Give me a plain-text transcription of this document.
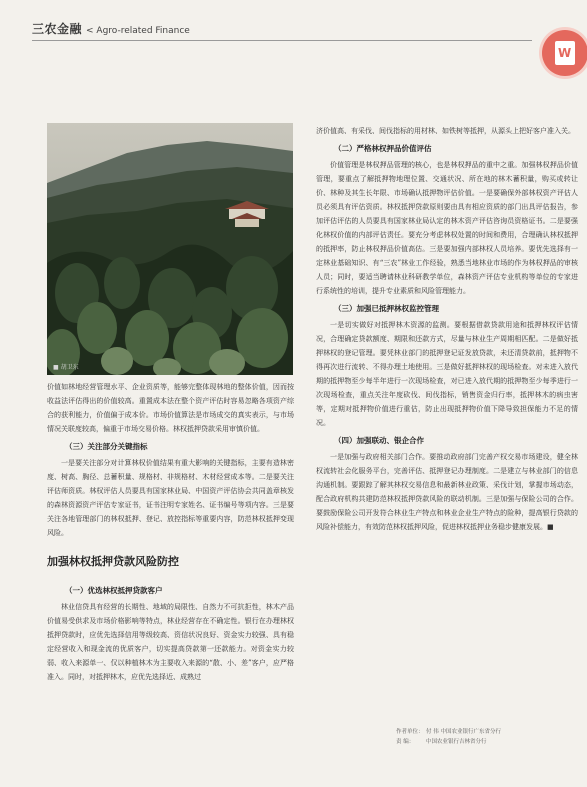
三农金融 < Agro-related Finance
W
■ 胡卫东

价值如林地经营管理水平、企业资质等，能够完整体现林地的整体价值，因而按收益法评估得出的价值较高。重置成本法在整个资产评估时容易忽略各项资产综合的获利能力，价值偏于成本价。市场价值算法是市场成交的真实表示，与市场情况关联度较高，偏重于市场交易价格。林权抵押贷款采用审慎价值。

（三）关注部分关键指标

一是要关注部分对计算林权价值结果有重大影响的关键指标，主要有造林密度、树高、胸径、总蓄积量、规格材、非规格材、木材经营成本等。二是要关注评估师资质。林权评估人员要具有国家林业局、中国资产评估协会共同盖章核发的森林资源资产评估专家证书，证书注明专家姓名、证书编号等项内容。三是要关注各地管理部门的林权抵押、登记、放控指标等重要内容，防范林权抵押变现风险。

加强林权抵押贷款风险防控
（一）优选林权抵押贷款客户

林业信贷具有经营的长期性、地域的局限性、自然力不可抗拒性，林木产品价值易受供求及市场价格影响等特点，林业经营存在不确定性。银行在办理林权抵押贷款时，应优先选择信用等级较高、资信状况良好、资金实力较强、具有稳定经营收入和现金流的优质客户，切实提高贷款第一还款能力。对资金实力较弱、收入来源单一、仅以种植林木为主要收入来源的“散、小、差”客户，应严格准入。同时，对抵押林木，应优先选择近、成熟过

济价值高、有采伐、间伐指标的用材林、如铁树等抵押，从源头上把好客户准入关。

（二）严格林权押品价值评估

价值管理是林权押品管理的核心，也是林权押品的重中之重。加强林权押品价值管理，要重点了解抵押物地理位置、交通状况、所在地的林木蓄积量，购买或转让价、林种及其生长年限、市场确认抵押物评估价值。一是要确保外部林权资产评估人员必须具有评估资质。林权抵押贷款原则要由具有相应资质的部门出具评估报告，参加评估评估的人员要具有国家林业局认定的林木资产评估咨询员资格证书。二是要强化林权价值的内部评估责任。要充分考虑林权处置的时间和费用，合理确认林权抵押的抵押率，防止林权押品价值高估。三是要加强内部林权人员培养。要优先选择有一定林业基础知识、有“三农”林业工作经验，熟悉当地林业市场的作为林权押品的审核人员；同时，要适当聘请林业科研教学单位，森林资产评估专业机构等单位的专家进行系统性的培训，提升专业素质和风险管理能力。

（三）加强已抵押林权监控管理

一是切实做好对抵押林木资源的监测。要根据借款贷款用途和抵押林权评估情况，合理确定贷款额度、期限和还款方式，尽量与林业生产周期相匹配。二是做好抵押林权的登记管理。要凭林业部门的抵押登记证发放贷款，未还清贷款前，抵押物不得再次进行流转、不得办理土地使用。三是做好抵押林权的现场检查。对未进入放代期的抵押物至少每半年进行一次现场检查，对已进入放代期的抵押物至少每季进行一次现场检查，重点关注年度砍伐、间伐指标，销售资金归行率，抵押林木的病虫害等，定期对抵押物价值进行重估，防止出现抵押物价值下降导致担保能力不足的情况。

（四）加强联动、银企合作

一是加强与政府相关部门合作。要推动政府部门完善产权交易市场建设，健全林权流转社会化服务平台，完善评估、抵押登记办理制度。二是建立与林业部门的信息沟通机制。要跟踪了解其林权交易信息和最新林业政策、采伐计划，掌握市场动态，配合政府机构共建防范林权抵押贷款风险的联动机制。三是加强与保险公司的合作。要鼓励保险公司开发符合林业生产特点和林业企业生产特点的险种，提高银行贷款的风险补偿能力，有效防范林权抵押风险，促进林权抵押业务稳步健康发展。■

作者单位： 付 伟 中国农业银行广东省分行
责 编： 中国农业银行吉林省分行
